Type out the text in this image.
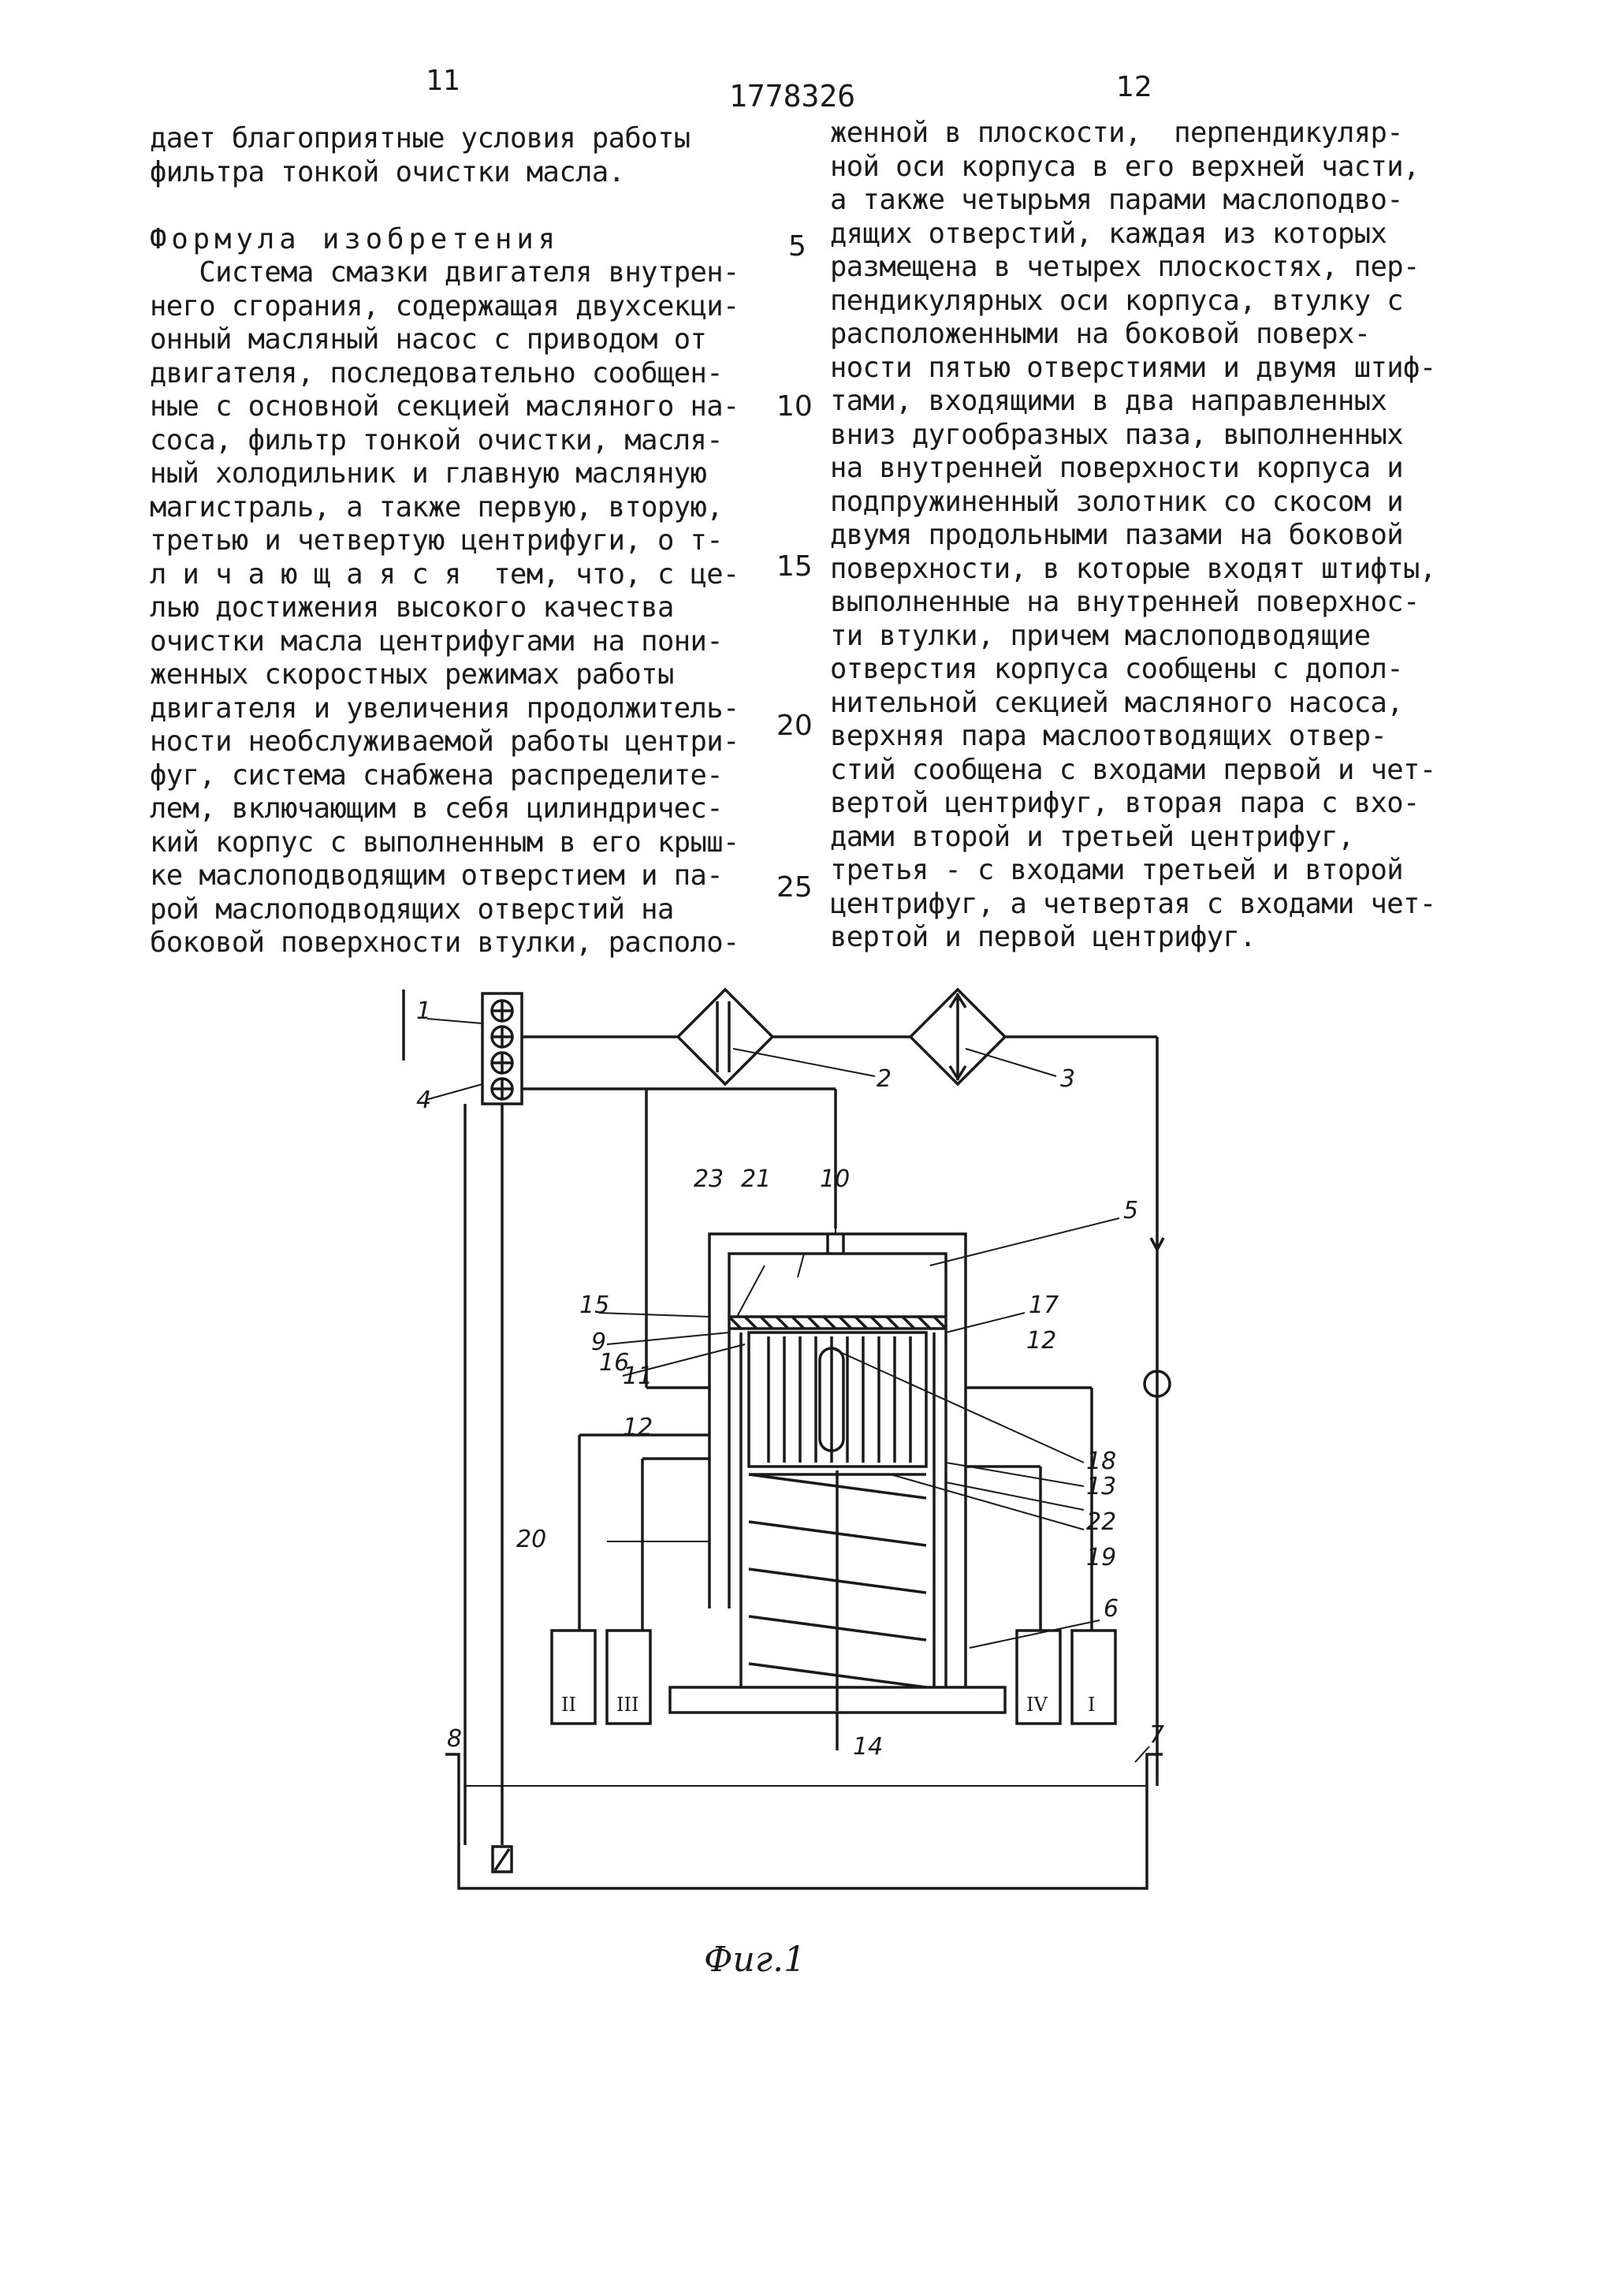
11	1778326	12
дает благоприятные условия работы
фильтра тонкой очистки масла.
Формула изобретения
Система смазки двигателя внутрен-
него сгорания, содержащая двухсекци-
онный масляный насос с приводом от
двигателя, последовательно сообщен-
ные с основной секцией масляного на-
соса, фильтр тонкой очистки, масля-
ный холодильник и главную масляную
магистраль, а также первую, вторую,
третью и четвертую центрифуги, о т-
л и ч а ю щ а я с я  тем, что, с це-
лью достижения высокого качества
очистки масла центрифугами на пони-
женных скоростных режимах работы
двигателя и увеличения продолжитель-
ности необслуживаемой работы центри-
фуг, система снабжена распределите-
лем, включающим в себя цилиндричес-
кий корпус с выполненным в его крыш-
ке маслоподводящим отверстием и па-
рой маслоподводящих отверстий на
боковой поверхности втулки, располо-
женной в плоскости,  перпендикуляр-
ной оси корпуса в его верхней части,
а также четырьмя парами маслоподво-
дящих отверстий, каждая из которых
размещена в четырех плоскостях, пер-
пендикулярных оси корпуса, втулку с
расположенными на боковой поверх-
ности пятью отверстиями и двумя штиф-
тами, входящими в два направленных
вниз дугообразных паза, выполненных
на внутренней поверхности корпуса и
подпружиненный золотник со скосом и
двумя продольными пазами на боковой
поверхности, в которые входят штифты,
выполненные на внутренней поверхнос-
ти втулки, причем маслоподводящие
отверстия корпуса сообщены с допол-
нительной секцией масляного насоса,
верхняя пара маслоотводящих отвер-
стий сообщена с входами первой и чет-
вертой центрифуг, вторая пара с вхо-
дами второй и третьей центрифуг,
третья - с входами третьей и второй
центрифуг, а четвертая с входами чет-
вертой и первой центрифуг.
5
10
15
20
25
1
2	3
4
5
6
7
8
9
10
11
12
12
13
14
15
16
17
18
19
20
21
22
23
II III	IV I
Фиг.1
